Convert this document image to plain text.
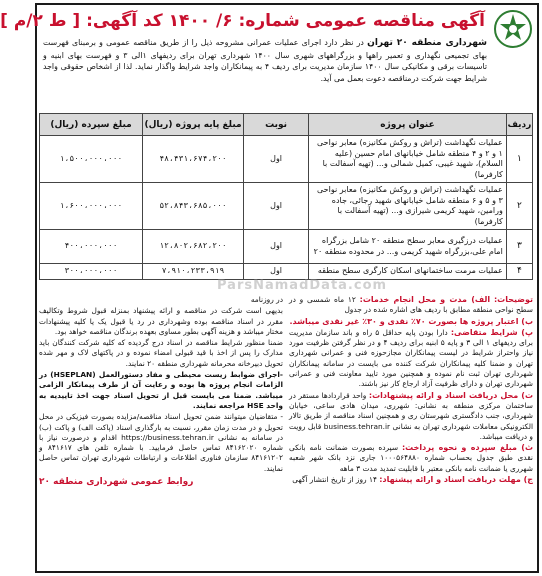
آگهی مناقصه عمومی شماره: ۶/ ۱۴۰۰ کد آگهی: [ ط ۲/م ]
شهرداری منطقه ۲۰ تهران در نظر دارد اجرای عملیات عمرانی مشروحه ذیل را از طریق مناقصه عمومی و برمبنای فهرست بهای تجمیعی نگهداری و تعمیر راهها و بزرگراههای شهری سال ۱۴۰۰ شهرداری تهران برای ردیفهای ۱الی ۳ و فهرست بهای ابنیه و تاسیسات برقی و مکانیکی سال ۱۴۰۰ سازمان مدیریت برای ردیف ۴ به پیمانکاران واجد شرایط واگذار نماید. لذا از اشخاص حقوقی واجد شرایط جهت شرکت درمناقصه دعوت بعمل می آید.
ردیف	عنوان پروژه	نوبت	مبلغ پایه پروژه (ریال)	مبلغ سپرده (ریال)
۱	عملیات نگهداشت (تراش و روکش مکانیزه) معابر نواحی ۱ و ۲ و ۴ منطقه شامل خیابانهای امام حسین (علیه السلام)، شهید غیبی، کمیل شمالی و... (تهیه آسفالت با کارفرما)	اول	۴۸،۴۳۱،۶۷۴،۲۰۰	۱،۵۰۰،۰۰۰،۰۰۰
۲	عملیات نگهداشت (تراش و روکش مکانیزه) معابر نواحی ۳ و ۵ و ۶ منطقه شامل خیابانهای شهید رجائی، جاده ورامین، شهید کریمی شیرازی و... (تهیه آسفالت با کارفرما)	اول	۵۲،۸۴۳،۶۸۵،۰۰۰	۱،۶۰۰،۰۰۰،۰۰۰
۳	عملیات درزگیری معابر سطح منطقه ۲۰ شامل بزرگراه امام علی،بزرگراه شهید کریمی و... در محدوده منطقه ۲۰	اول	۱۲،۸۰۲،۶۸۲،۲۰۰	۴۰۰،۰۰۰،۰۰۰
۴	عملیات مرمت ساختمانهای اسکان کارگری سطح منطقه	اول	۷،۹۱۰،۲۳۳،۹۱۹	۳۰۰،۰۰۰،۰۰۰
ParsNamadData.com

توضیحات: الف) مدت و محل انجام خدمات: ۱۲ ماه شمسی و در سطح نواحی منطقه مطابق با ردیف های اشاره شده در جدول

ب) اعتبار پروژه ها بصورت ۷۰٪ نقدی و ۳۰٪ غیر نقدی میباشد.

پ) شرایط متقاضی: دارا بودن پایه حداقل ۵ راه و باند سازمان مدیریت برای ردیفهای ۱ الی ۳ و پایه ۵ ابنیه برای ردیف ۴ و در نظر گرفتن ظرفیت مورد نیاز واحتراز شرایط در لیست پیمانکاران مجازحوزه فنی و عمرانی شهرداری تهران و ضمنا کلیه پیمانکاران شرکت کننده می بایست در سامانه پیمانکاران شهرداری تهران ثبت نام نموده و همچنین مورد تایید معاونت فنی و عمرانی شهرداری تهران و دارای ظرفیت آزاد ارجاع کار نیز باشند.

ت) محل دریافت اسناد و ارائه پیشنهادات: واحد قراردادها مستقر در ساختمان مرکزی منطقه به نشانی: شهرری، میدان هادی ساعی، خیابان شهرداری، جنب دادگستری شهرستان ری و همچنین اسناد مناقصه از طریق تالار الکترونیکی معاملات شهرداری تهران به نشانی business.tehran.ir قابل رویت و دریافت میباشد.

ث) مبلغ سپرده و نحوه پرداخت: سپرده بصورت ضمانت نامه بانکی نقدی طبق جدول بحساب شماره ۱۰۰۰۵۶۴۸۸۰ جاری نزد بانک شهر شعبه شهرری یا ضمانت نامه بانکی معتبر با قابلیت تمدید مدت ۳ ماهه

ج) مهلت دریافت اسناد و ارائه پیشنهاد: ۱۴ روز از تاریخ انتشار آگهی

در روزنامه

بدیهی است شرکت در مناقصه و ارائه پیشنهاد بمنزله قبول شروط وتکالیف مقرر در اسناد مناقصه بوده وشهرداری در رد یا قبول یک یا کلیه پیشنهادات مختار میباشد و هزینه آگهی بطور مساوی بعهده برندگان مناقصه خواهد بود.

ضمنا منظور شرایط مناقصه در اسناد درج گردیده که کلیه شرکت کنندگان باید مدارک را پس از اخذ با قید قبولی امضاء نموده و در پاکتهای لاک و مهر شده تحویل دبیرخانه محرمانه شهرداری منطقه ۲۰ نمایند.

-اجرای ضوابط زیست محیطی و مفاد دستورالعمل (HSEPLAN) در الزامات انجام پروژه ها بوده و رعایت آن از طرف پیمانکار الزامی میباشد. ضمنا می بایست قبل از تحویل اسناد جهت اخذ تاییدیه به واحد HSE مراجعه نمایند.

- متقاضیان میتوانند ضمن تحویل اسناد مناقصه/مزایده بصورت فیزیکی در محل تحویل و در مدت زمان مقرر، نسبت به بارگذاری اسناد (پاکت الف) و پاکت (ب) در سامانه به نشانی https://business.tehran.ir اقدام و درصورت نیاز با شماره ۸۴۱۶۲۰۲۰ تماس حاصل فرمایید. با شماره تلفن های ۸۴۱۶۱۷ و ۸۴۱۶۱۲۰۲ سازمان فناوری اطلاعات و ارتباطات شهرداری تهران تماس حاصل نمایند.

روابط عمومی شهرداری منطقه ۲۰
